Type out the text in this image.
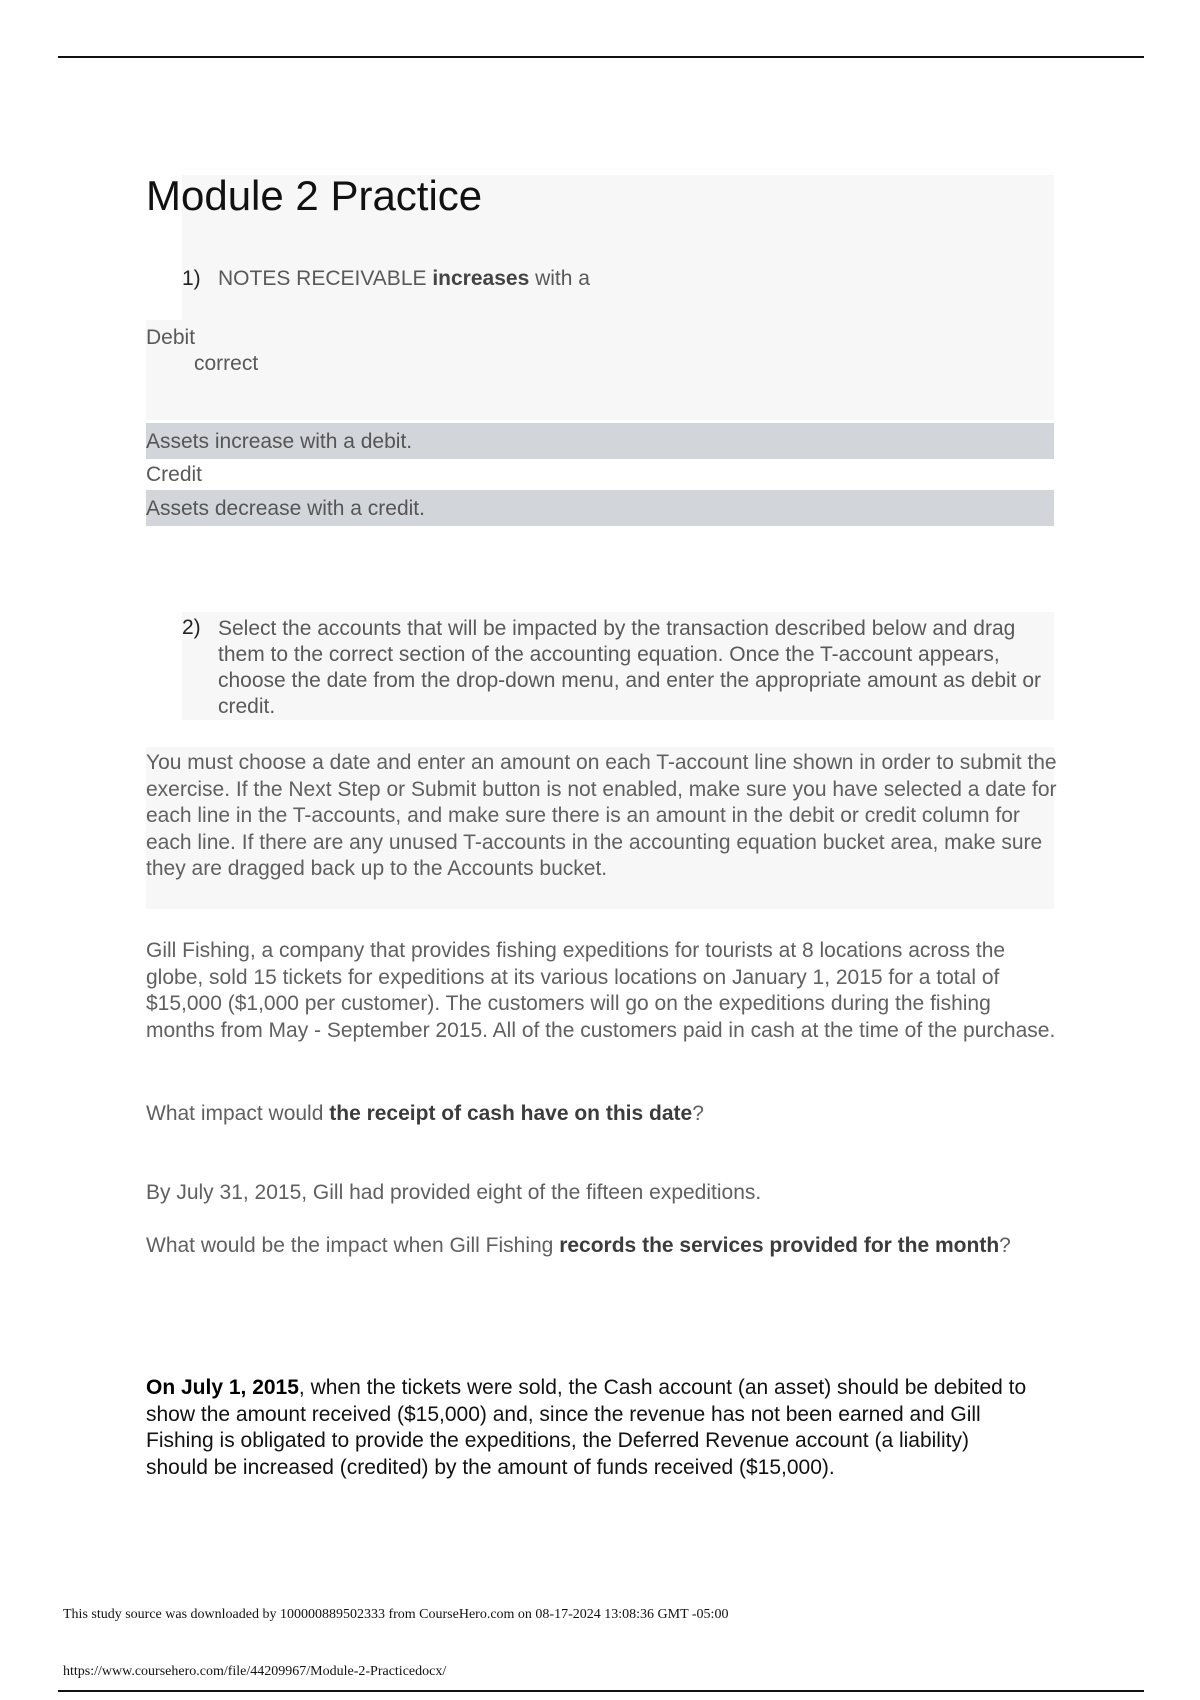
Module 2 Practice
1) NOTES RECEIVABLE increases with a
Debit
correct
Assets increase with a debit.
Credit
Assets decrease with a credit.
2) Select the accounts that will be impacted by the transaction described below and drag them to the correct section of the accounting equation. Once the T-account appears, choose the date from the drop-down menu, and enter the appropriate amount as debit or credit.
You must choose a date and enter an amount on each T-account line shown in order to submit the exercise. If the Next Step or Submit button is not enabled, make sure you have selected a date for each line in the T-accounts, and make sure there is an amount in the debit or credit column for each line. If there are any unused T-accounts in the accounting equation bucket area, make sure they are dragged back up to the Accounts bucket.
Gill Fishing, a company that provides fishing expeditions for tourists at 8 locations across the globe, sold 15 tickets for expeditions at its various locations on January 1, 2015 for a total of $15,000 ($1,000 per customer). The customers will go on the expeditions during the fishing months from May - September 2015. All of the customers paid in cash at the time of the purchase.
What impact would the receipt of cash have on this date?
By July 31, 2015, Gill had provided eight of the fifteen expeditions.
What would be the impact when Gill Fishing records the services provided for the month?
On July 1, 2015, when the tickets were sold, the Cash account (an asset) should be debited to show the amount received ($15,000) and, since the revenue has not been earned and Gill Fishing is obligated to provide the expeditions, the Deferred Revenue account (a liability) should be increased (credited) by the amount of funds received ($15,000).
This study source was downloaded by 100000889502333 from CourseHero.com on 08-17-2024 13:08:36 GMT -05:00
https://www.coursehero.com/file/44209967/Module-2-Practicedocx/
